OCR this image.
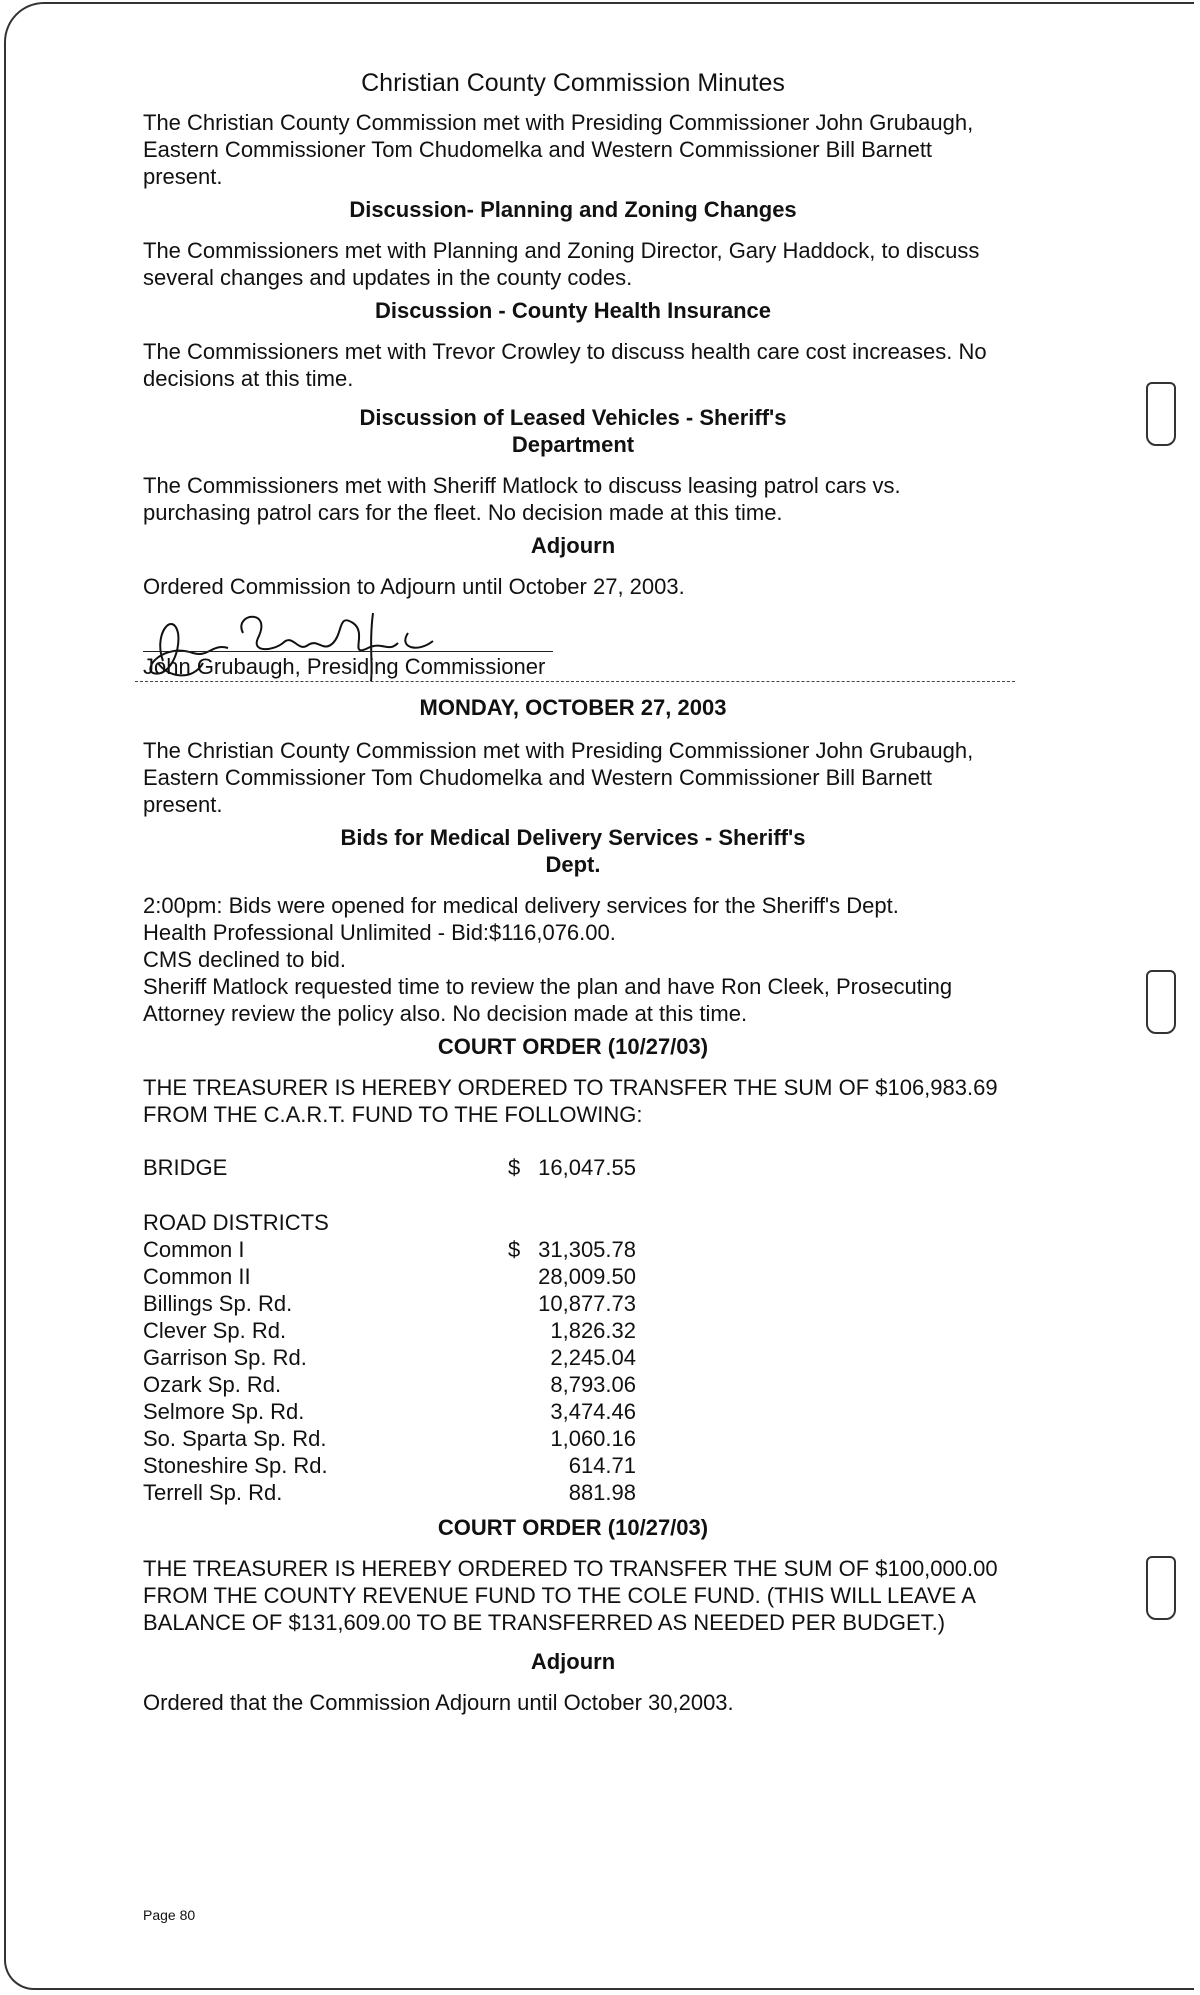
Christian County Commission Minutes

The Christian County Commission met with Presiding Commissioner John Grubaugh, Eastern Commissioner Tom Chudomelka and Western Commissioner Bill Barnett present.

Discussion- Planning and Zoning Changes

The Commissioners met with Planning and Zoning Director, Gary Haddock, to discuss several changes and updates in the county codes.

Discussion - County Health Insurance

The Commissioners met with Trevor Crowley to discuss health care cost increases. No decisions at this time.

Discussion of Leased Vehicles - Sheriff's
Department

The Commissioners met with Sheriff Matlock to discuss leasing patrol cars vs. purchasing patrol cars for the fleet. No decision made at this time.

Adjourn

Ordered Commission to Adjourn until October 27, 2003.

John Grubaugh, Presiding Commissioner
MONDAY, OCTOBER 27, 2003

The Christian County Commission met with Presiding Commissioner John Grubaugh, Eastern Commissioner Tom Chudomelka and Western Commissioner Bill Barnett present.

Bids for Medical Delivery Services - Sheriff's
Dept.

2:00pm: Bids were opened for medical delivery services for the Sheriff's Dept.

Health Professional Unlimited - Bid:$116,076.00.

CMS declined to bid.

Sheriff Matlock requested time to review the plan and have Ron Cleek, Prosecuting Attorney review the policy also. No decision made at this time.

COURT ORDER (10/27/03)

THE TREASURER IS HEREBY ORDERED TO TRANSFER THE SUM OF $106,983.69 FROM THE C.A.R.T. FUND TO THE FOLLOWING:

BRIDGE	$ 16,047.55
ROAD DISTRICTS
Common I	$ 31,305.78
Common II	28,009.50
Billings Sp. Rd.	10,877.73
Clever Sp. Rd.	1,826.32
Garrison Sp. Rd.	2,245.04
Ozark Sp. Rd.	8,793.06
Selmore Sp. Rd.	3,474.46
So. Sparta Sp. Rd.	1,060.16
Stoneshire Sp. Rd.	614.71
Terrell Sp. Rd.	881.98
COURT ORDER (10/27/03)

THE TREASURER IS HEREBY ORDERED TO TRANSFER THE SUM OF $100,000.00 FROM THE COUNTY REVENUE FUND TO THE COLE FUND. (THIS WILL LEAVE A BALANCE OF $131,609.00 TO BE TRANSFERRED AS NEEDED PER BUDGET.)

Adjourn

Ordered that the Commission Adjourn until October 30,2003.

Page 80
